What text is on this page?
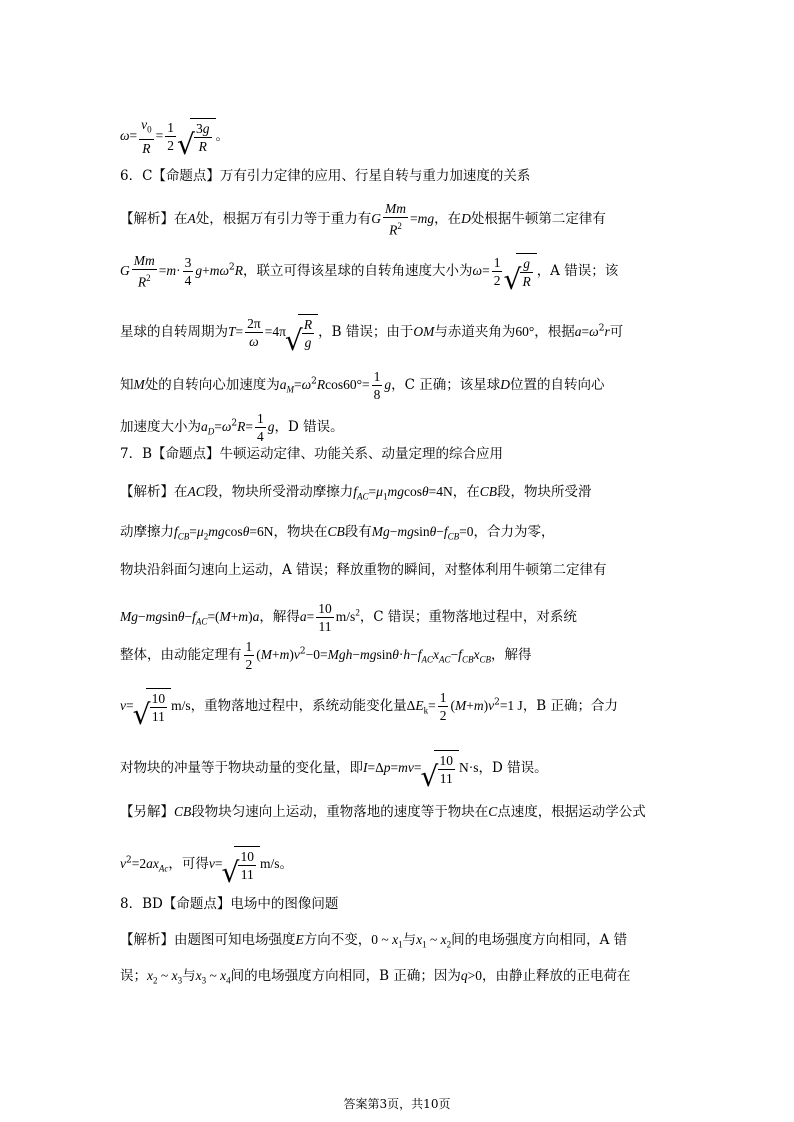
$\omega= \frac{v_0}{R} = \frac{1}{2}$ √ $\frac{3g}{R}$ 。
6．C【命题点】万有引力定律的应用、行星自转与重力加速度的关系
【解析】在A处，根据万有引力等于重力有G $\frac{Mm}{R^2} =mg$，在D处根据牛顿第二定律有
G $\frac{Mm}{R^2} =m\cdot \frac{3}{4} g+m\omega^2R$，联立可得该星球的自转角速度大小为$\omega= \frac{1}{2}$ √ $\frac{g}{R}$ ，A 错误；该
星球的自转周期为$T= \frac{2\pi}{\omega} =4\pi$ √ $\frac{R}{g}$ ，B 错误；由于OM与赤道夹角为60°，根据$a=\omega^2r$可
知M处的自转向心加速度为$a_M=\omega^2Rcos60^\circ= \frac{1}{8}$ g，C 正确；该星球D位置的自转向心
加速度大小为$a_D=\omega^2R= \frac{1}{4}$ g，D 错误。
7．B【命题点】牛顿运动定律、功能关系、动量定理的综合应用
【解析】在AC段，物块所受滑动摩擦力$f_{AC}=\mu_1mgcos\theta=4N$，在CB段，物块所受滑
动摩擦力$f_{CB}=\mu_2mgcos\theta=6N$，物块在CB段有$Mg-mgsin\theta-f_{CB}=0$，合力为零，
物块沿斜面匀速向上运动，A 错误；释放重物的瞬间，对整体利用牛顿第二定律有
$Mg-mgsin\theta-f_{AC}=(M+m)a$，解得$a= \frac{10}{11} m/s^2$，C 错误；重物落地过程中，对系统
整体，由动能定理有 $\frac{1}{2} (M+m)v^2-0=Mgh-mgsin\theta\cdot h-f_{AC}x_{AC}-f_{CB}x_{CB}$，解得
v= √ $\frac{10}{11} m/s$，重物落地过程中，系统动能变化量$\Delta E_k= \frac{1}{2} (M+m)v^2=1$ J，B 正确；合力
对物块的冲量等于物块动量的变化量，即I=Δp=mv= √ $\frac{10}{11} N\cdot s$，D 错误。
【另解】CB段物块匀速向上运动，重物落地的速度等于物块在C点速度，根据运动学公式
$v^2=2ax_{Ac}$，可得v= √ $\frac{10}{11} m/s$。
8．BD【命题点】电场中的图像问题
【解析】由题图可知电场强度E方向不变，0 ~ $x_1$与$x_1$ ~ $x_2$间的电场强度方向相同，A 错
误；$x_2$ ~ $x_3$与$x_3$ ~ $x_4$间的电场强度方向相同，B 正确；因为q>0，由静止释放的正电荷在
答案第3页，共10页
